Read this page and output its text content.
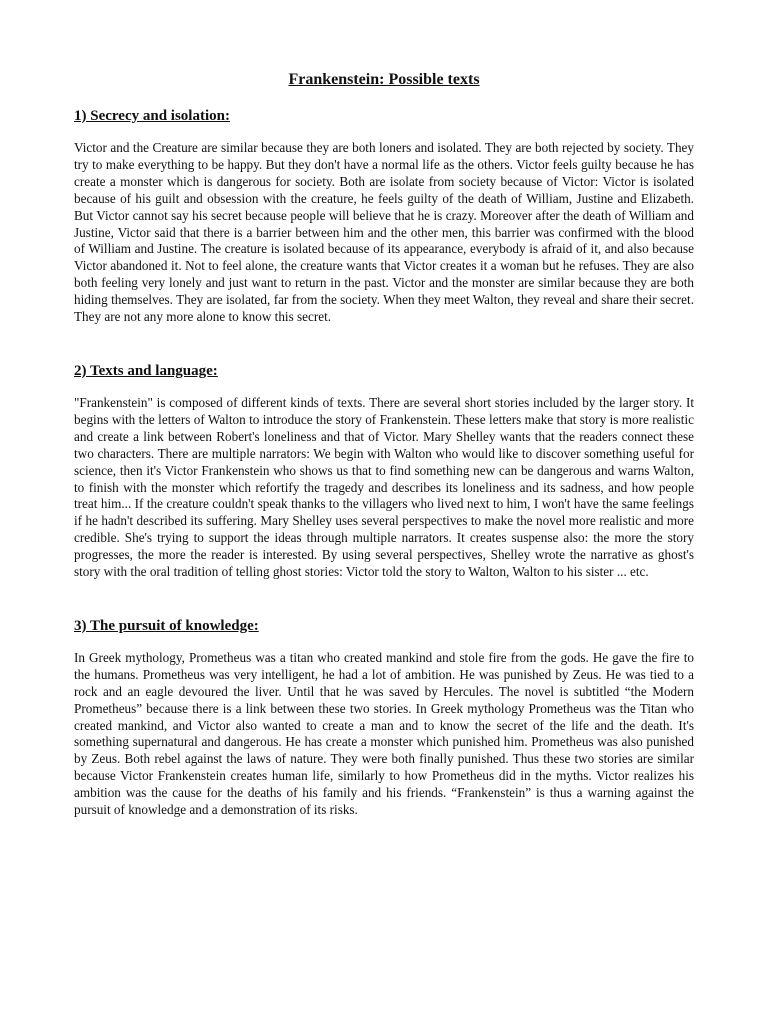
Frankenstein: Possible texts
1) Secrecy and isolation:

Victor and the Creature are similar because they are both loners and isolated. They are both rejected by society. They try to make everything to be happy. But they don't have a normal life as the others. Victor feels guilty because he has create a monster which is dangerous for society. Both are isolate from society because of Victor: Victor is isolated because of his guilt and obsession with the creature, he feels guilty of the death of William, Justine and Elizabeth. But Victor cannot say his secret because people will believe that he is crazy. Moreover after the death of William and Justine, Victor said that there is a barrier between him and the other men, this barrier was confirmed with the blood of William and Justine. The creature is isolated because of its appearance, everybody is afraid of it, and also because Victor abandoned it. Not to feel alone, the creature wants that Victor creates it a woman but he refuses. They are also both feeling very lonely and just want to return in the past. Victor and the monster are similar because they are both hiding themselves. They are isolated, far from the society. When they meet Walton, they reveal and share their secret. They are not any more alone to know this secret.

2) Texts and language:

"Frankenstein" is composed of different kinds of texts. There are several short stories included by the larger story. It begins with the letters of Walton to introduce the story of Frankenstein. These letters make that story is more realistic and create a link between Robert's loneliness and that of Victor. Mary Shelley wants that the readers connect these two characters. There are multiple narrators: We begin with Walton who would like to discover something useful for science, then it's Victor Frankenstein who shows us that to find something new can be dangerous and warns Walton, to finish with the monster which refortify the tragedy and describes its loneliness and its sadness, and how people treat him... If the creature couldn't speak thanks to the villagers who lived next to him, I won't have the same feelings if he hadn't described its suffering. Mary Shelley uses several perspectives to make the novel more realistic and more credible. She's trying to support the ideas through multiple narrators. It creates suspense also: the more the story progresses, the more the reader is interested. By using several perspectives, Shelley wrote the narrative as ghost's story with the oral tradition of telling ghost stories: Victor told the story to Walton, Walton to his sister ... etc.

3) The pursuit of knowledge:

In Greek mythology, Prometheus was a titan who created mankind and stole fire from the gods. He gave the fire to the humans. Prometheus was very intelligent, he had a lot of ambition. He was punished by Zeus. He was tied to a rock and an eagle devoured the liver. Until that he was saved by Hercules. The novel is subtitled “the Modern Prometheus” because there is a link between these two stories. In Greek mythology Prometheus was the Titan who created mankind, and Victor also wanted to create a man and to know the secret of the life and the death. It's something supernatural and dangerous. He has create a monster which punished him. Prometheus was also punished by Zeus. Both rebel against the laws of nature. They were both finally punished. Thus these two stories are similar because Victor Frankenstein creates human life, similarly to how Prometheus did in the myths. Victor realizes his ambition was the cause for the deaths of his family and his friends. “Frankenstein” is thus a warning against the pursuit of knowledge and a demonstration of its risks.
